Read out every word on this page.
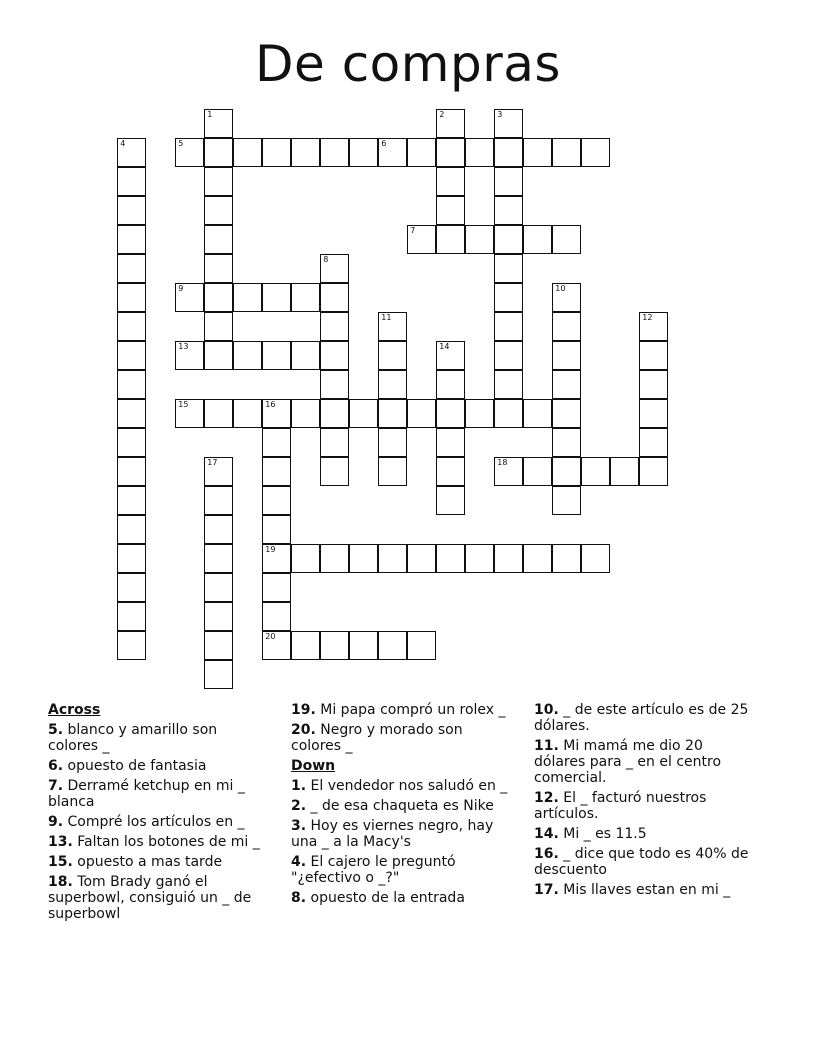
De compras
1	2	3
4	5	6
7
8
9	10
11	12
13	14
15	16
17	18
19
20
Across
5. blanco y amarillo son colores _
6. opuesto de fantasia
7. Derramé ketchup en mi _ blanca
9. Compré los artículos en _
13. Faltan los botones de mi _
15. opuesto a mas tarde
18. Tom Brady ganó el superbowl, consiguió un _ de superbowl
19. Mi papa compró un rolex _
20. Negro y morado son colores _
Down
1. El vendedor nos saludó en _
2. _ de esa chaqueta es Nike
3. Hoy es viernes negro, hay una _ a la Macy's
4. El cajero le preguntó "¿efectivo o _?"
8. opuesto de la entrada
10. _ de este artículo es de 25 dólares.
11. Mi mamá me dio 20 dólares para _ en el centro comercial.
12. El _ facturó nuestros artículos.
14. Mi _ es 11.5
16. _ dice que todo es 40% de descuento
17. Mis llaves estan en mi _
